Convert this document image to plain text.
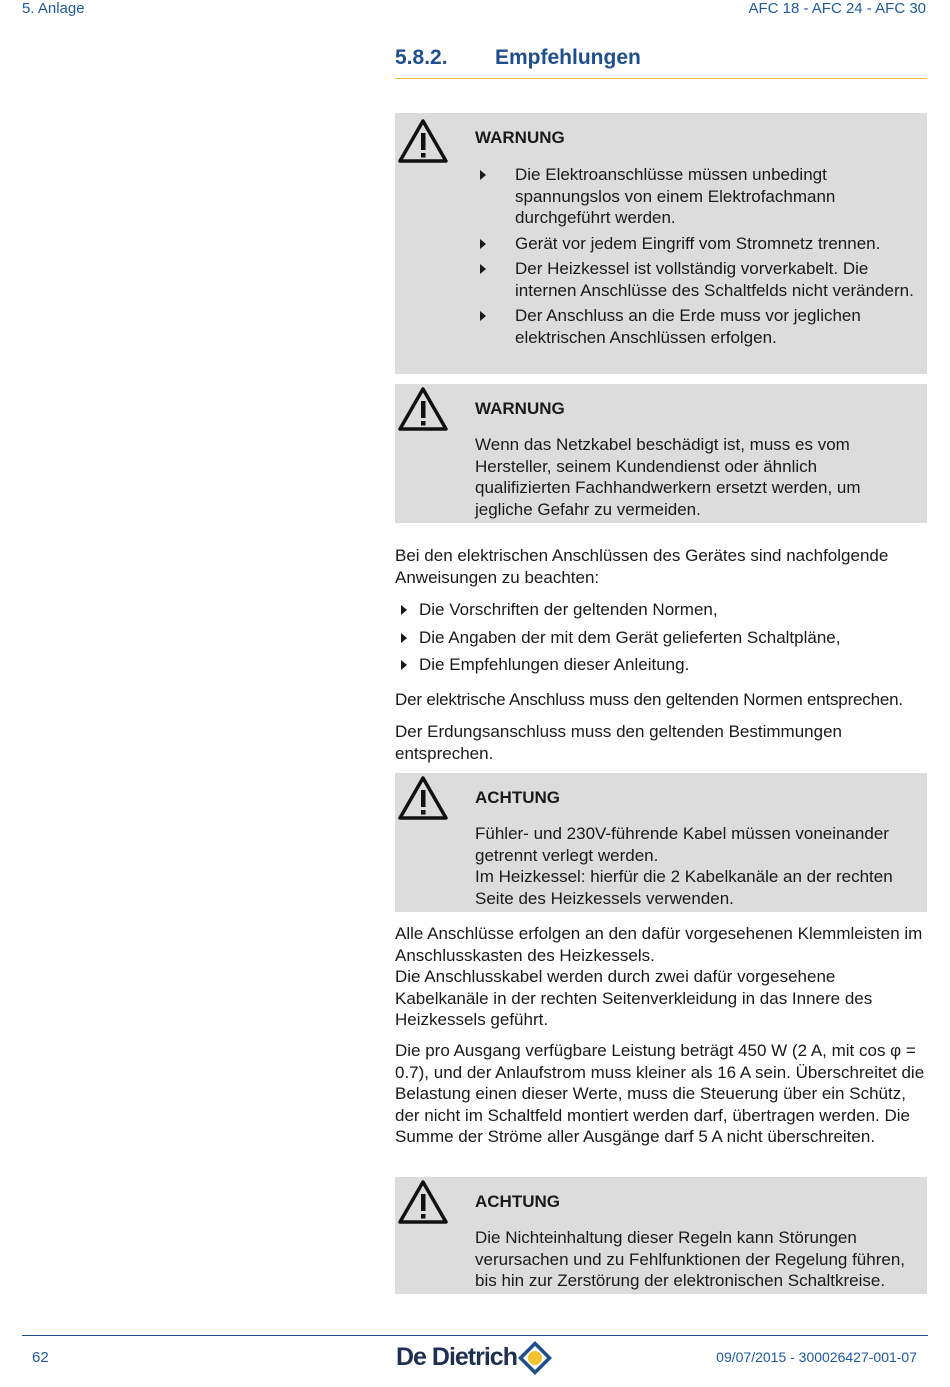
5. Anlage	AFC 18 - AFC 24 - AFC 30
5.8.2. Empfehlungen
WARNUNG
Die Elektroanschlüsse müssen unbedingt spannungslos von einem Elektrofachmann durchgeführt werden.
Gerät vor jedem Eingriff vom Stromnetz trennen.
Der Heizkessel ist vollständig vorverkabelt. Die internen Anschlüsse des Schaltfelds nicht verändern.
Der Anschluss an die Erde muss vor jeglichen elektrischen Anschlüssen erfolgen.
WARNUNG
Wenn das Netzkabel beschädigt ist, muss es vom Hersteller, seinem Kundendienst oder ähnlich qualifizierten Fachhandwerkern ersetzt werden, um jegliche Gefahr zu vermeiden.
Bei den elektrischen Anschlüssen des Gerätes sind nachfolgende Anweisungen zu beachten:
Die Vorschriften der geltenden Normen,
Die Angaben der mit dem Gerät gelieferten Schaltpläne,
Die Empfehlungen dieser Anleitung.
Der elektrische Anschluss muss den geltenden Normen entsprechen.
Der Erdungsanschluss muss den geltenden Bestimmungen entsprechen.
ACHTUNG
Fühler- und 230V-führende Kabel müssen voneinander getrennt verlegt werden.
Im Heizkessel: hierfür die 2 Kabelkanäle an der rechten Seite des Heizkessels verwenden.
Alle Anschlüsse erfolgen an den dafür vorgesehenen Klemmleisten im Anschlusskasten des Heizkessels.
Die Anschlusskabel werden durch zwei dafür vorgesehene Kabelkanäle in der rechten Seitenverkleidung in das Innere des Heizkessels geführt.
Die pro Ausgang verfügbare Leistung beträgt 450 W (2 A, mit cos φ = 0.7), und der Anlaufstrom muss kleiner als 16 A sein. Überschreitet die Belastung einen dieser Werte, muss die Steuerung über ein Schütz, der nicht im Schaltfeld montiert werden darf, übertragen werden. Die Summe der Ströme aller Ausgänge darf 5 A nicht überschreiten.
ACHTUNG
Die Nichteinhaltung dieser Regeln kann Störungen verursachen und zu Fehlfunktionen der Regelung führen, bis hin zur Zerstörung der elektronischen Schaltkreise.
62	De Dietrich	09/07/2015 - 300026427-001-07
